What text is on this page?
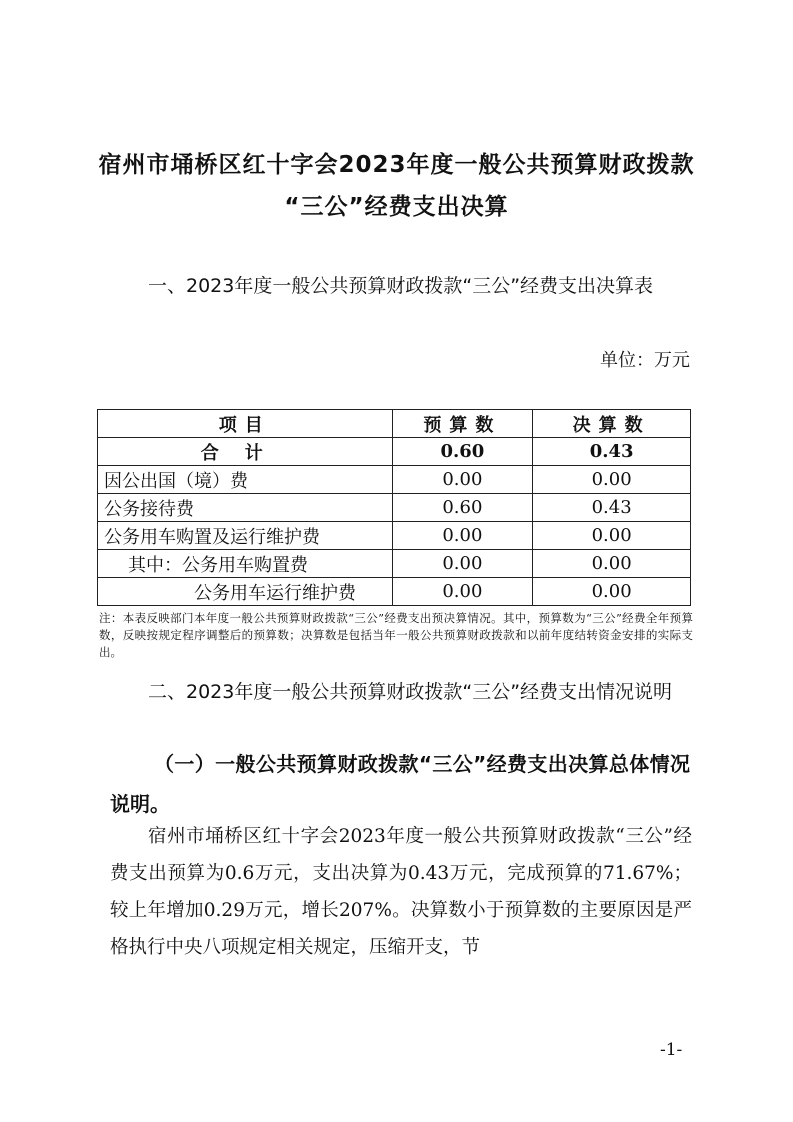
宿州市埇桥区红十字会2023年度一般公共预算财政拨款
“三公”经费支出决算
一、2023年度一般公共预算财政拨款“三公”经费支出决算表
单位：万元
项目	预算数	决算数
合计	0.60	0.43
因公出国（境）费	0.00	0.00
公务接待费	0.60	0.43
公务用车购置及运行维护费	0.00	0.00
其中：公务用车购置费	0.00	0.00
公务用车运行维护费	0.00	0.00
注：本表反映部门本年度一般公共预算财政拨款“三公”经费支出预决算情况。其中，预算数为“三公”经费全年预算数，反映按规定程序调整后的预算数；决算数是包括当年一般公共预算财政拨款和以前年度结转资金安排的实际支出。
二、2023年度一般公共预算财政拨款“三公”经费支出情况说明
（一）一般公共预算财政拨款“三公”经费支出决算总体情况说明。
宿州市埇桥区红十字会2023年度一般公共预算财政拨款“三公”经费支出预算为0.6万元，支出决算为0.43万元，完成预算的71.67%；较上年增加0.29万元，增长207%。决算数小于预算数的主要原因是严格执行中央八项规定相关规定，压缩开支，节
-1-
